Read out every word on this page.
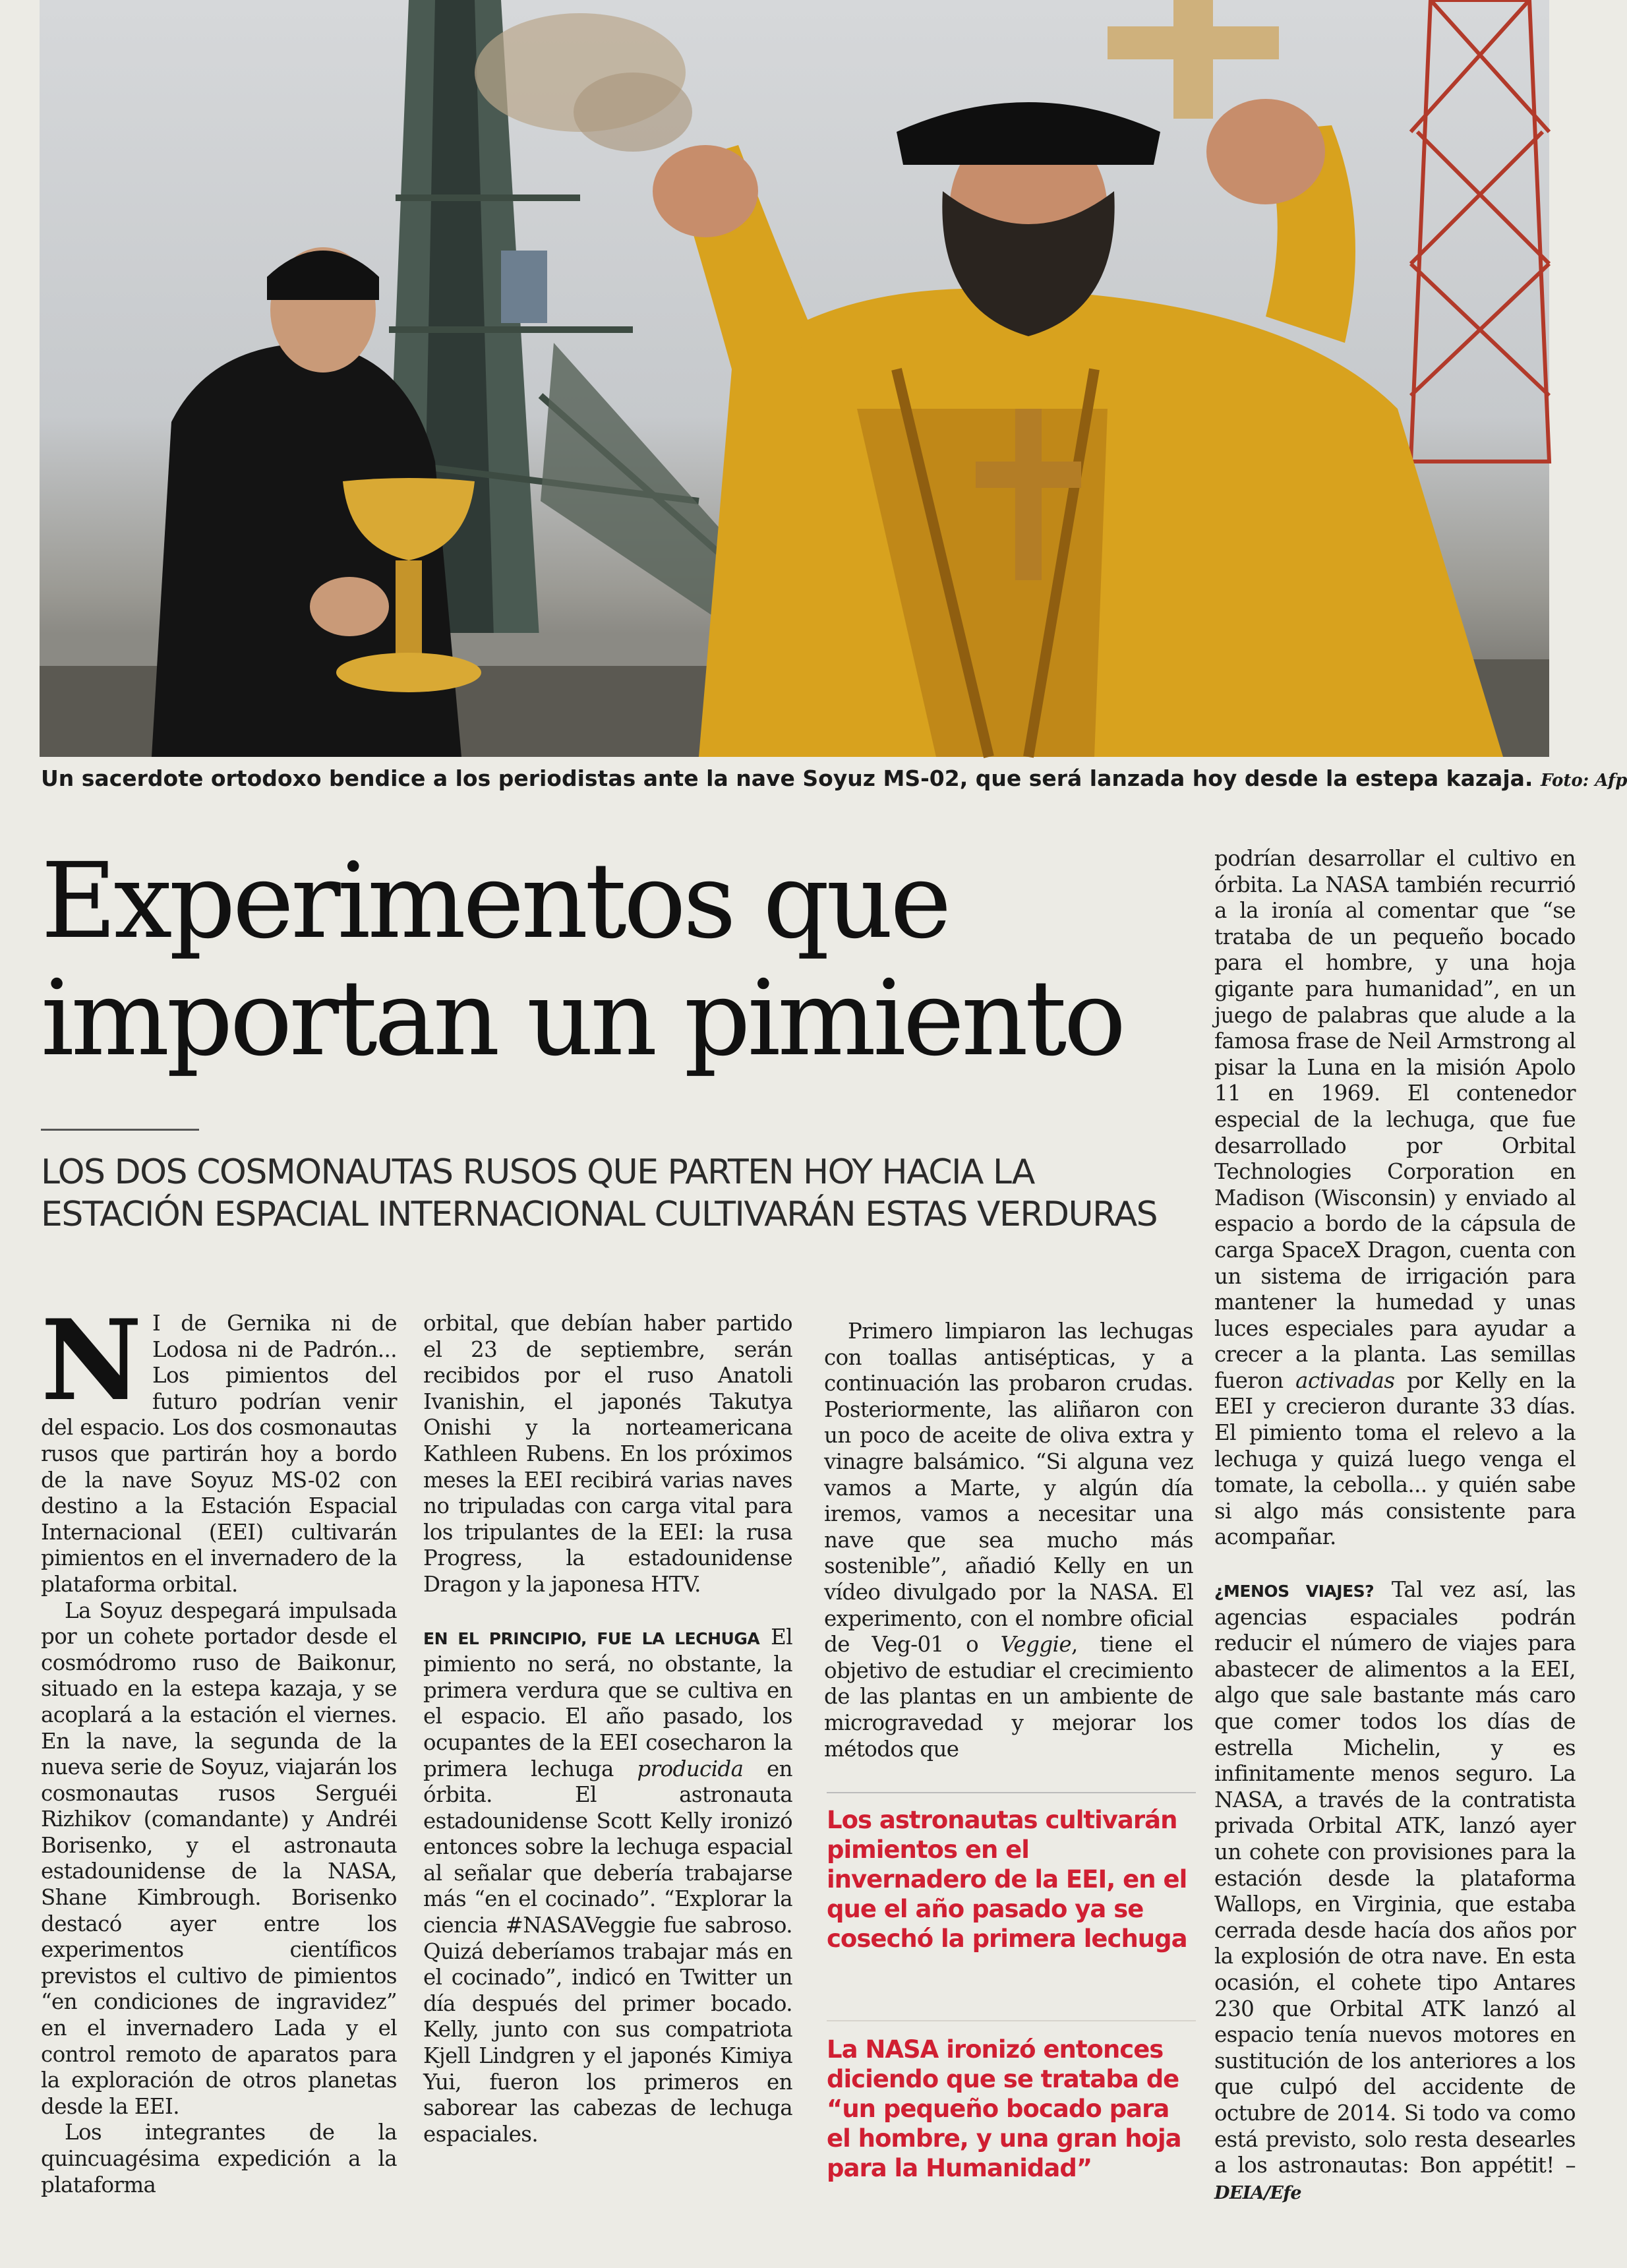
Un sacerdote ortodoxo bendice a los periodistas ante la nave Soyuz MS-02, que será lanzada hoy desde la estepa kazaja. Foto: Afp
Experimentos que importan un pimiento
LOS DOS COSMONAUTAS RUSOS QUE PARTEN HOY HACIA LA ESTACIÓN ESPACIAL INTERNACIONAL CULTIVARÁN ESTAS VERDURAS

N I de Gernika ni de Lodosa ni de Padrón... Los pimientos del futuro podrían venir del espacio. Los dos cosmonautas rusos que partirán hoy a bordo de la nave Soyuz MS-02 con destino a la Estación Espacial Internacional (EEI) cultivarán pimientos en el invernadero de la plataforma orbital.

La Soyuz despegará impulsada por un cohete portador desde el cosmódromo ruso de Baikonur, situado en la estepa kazaja, y se acoplará a la estación el viernes. En la nave, la segunda de la nueva serie de Soyuz, viajarán los cosmonautas rusos Serguéi Rizhikov (comandante) y Andréi Borisenko, y el astronauta estadounidense de la NASA, Shane Kimbrough. Borisenko destacó ayer entre los experimentos científicos previstos el cultivo de pimientos “en condiciones de ingravidez” en el invernadero Lada y el control remoto de aparatos para la exploración de otros planetas desde la EEI.

Los integrantes de la quincuagésima expedición a la plataforma

orbital, que debían haber partido el 23 de septiembre, serán recibidos por el ruso Anatoli Ivanishin, el japonés Takutya Onishi y la norteamericana Kathleen Rubens. En los próximos meses la EEI recibirá varias naves no tripuladas con carga vital para los tripulantes de la EEI: la rusa Progress, la estadounidense Dragon y la japonesa HTV.

EN EL PRINCIPIO, FUE LA LECHUGA El pimiento no será, no obstante, la primera verdura que se cultiva en el espacio. El año pasado, los ocupantes de la EEI cosecharon la primera lechuga producida en órbita. El astronauta estadounidense Scott Kelly ironizó entonces sobre la lechuga espacial al señalar que debería trabajarse más “en el cocinado”. “Explorar la ciencia #NASAVeggie fue sabroso. Quizá deberíamos trabajar más en el cocinado”, indicó en Twitter un día después del primer bocado. Kelly, junto con sus compatriota Kjell Lindgren y el japonés Kimiya Yui, fueron los primeros en saborear las cabezas de lechuga espaciales.

Primero limpiaron las lechugas con toallas antisépticas, y a continuación las probaron crudas. Posteriormente, las aliñaron con un poco de aceite de oliva extra y vinagre balsámico. “Si alguna vez vamos a Marte, y algún día iremos, vamos a necesitar una nave que sea mucho más sostenible”, añadió Kelly en un vídeo divulgado por la NASA. El experimento, con el nombre oficial de Veg-01 o Veggie, tiene el objetivo de estudiar el crecimiento de las plantas en un ambiente de microgravedad y mejorar los métodos que

Los astronautas cultivarán pimientos en el invernadero de la EEI, en el que el año pasado ya se cosechó la primera lechuga

La NASA ironizó entonces diciendo que se trataba de “un pequeño bocado para el hombre, y una gran hoja para la Humanidad”

podrían desarrollar el cultivo en órbita. La NASA también recurrió a la ironía al comentar que “se trataba de un pequeño bocado para el hombre, y una hoja gigante para humanidad”, en un juego de palabras que alude a la famosa frase de Neil Armstrong al pisar la Luna en la misión Apolo 11 en 1969. El contenedor especial de la lechuga, que fue desarrollado por Orbital Technologies Corporation en Madison (Wisconsin) y enviado al espacio a bordo de la cápsula de carga SpaceX Dragon, cuenta con un sistema de irrigación para mantener la humedad y unas luces especiales para ayudar a crecer a la planta. Las semillas fueron activadas por Kelly en la EEI y crecieron durante 33 días. El pimiento toma el relevo a la lechuga y quizá luego venga el tomate, la cebolla... y quién sabe si algo más consistente para acompañar.

¿MENOS VIAJES? Tal vez así, las agencias espaciales podrán reducir el número de viajes para abastecer de alimentos a la EEI, algo que sale bastante más caro que comer todos los días de estrella Michelin, y es infinitamente menos seguro. La NASA, a través de la contratista privada Orbital ATK, lanzó ayer un cohete con provisiones para la estación desde la plataforma Wallops, en Virginia, que estaba cerrada desde hacía dos años por la explosión de otra nave. En esta ocasión, el cohete tipo Antares 230 que Orbital ATK lanzó al espacio tenía nuevos motores en sustitución de los anteriores a los que culpó del accidente de octubre de 2014. Si todo va como está previsto, solo resta desearles a los astronautas: Bon appétit! –DEIA/Efe
